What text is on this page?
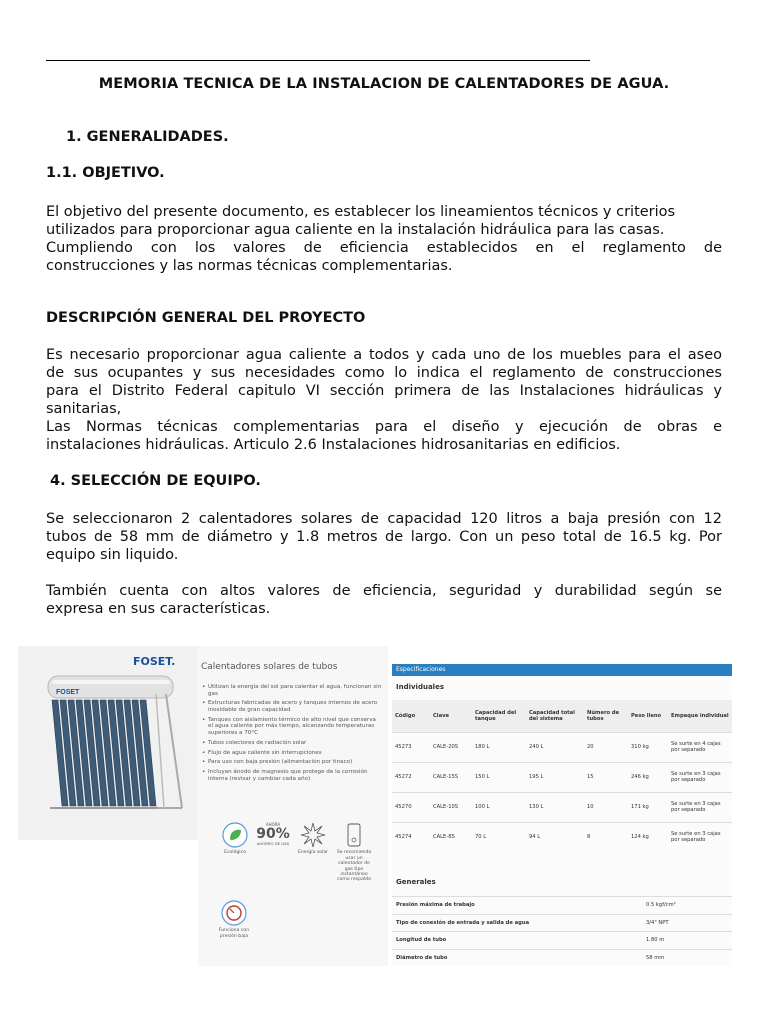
MEMORIA TECNICA DE LA INSTALACION DE CALENTADORES DE AGUA.
1. GENERALIDADES.
1.1. OBJETIVO.
El objetivo del presente documento, es establecer los lineamientos técnicos y criterios
utilizados para proporcionar agua caliente en la instalación hidráulica para las casas.
Cumpliendo con los valores de eficiencia establecidos en el reglamento de
construcciones y las normas técnicas complementarias.
DESCRIPCIÓN GENERAL DEL PROYECTO
Es necesario proporcionar agua caliente a todos y cada uno de los muebles para el aseo
de sus ocupantes y sus necesidades como lo indica el reglamento de construcciones
para el Distrito Federal capitulo VI sección primera de las Instalaciones hidráulicas y
sanitarias,
Las Normas técnicas complementarias para el diseño y ejecución de obras e
instalaciones hidráulicas. Articulo 2.6 Instalaciones hidrosanitarias en edificios.
4. SELECCIÓN DE EQUIPO.
Se seleccionaron 2 calentadores solares de capacidad 120 litros a baja presión con 12
tubos de 58 mm de diámetro y 1.8 metros de largo. Con un peso total de 16.5 kg. Por
equipo sin liquido.
También cuenta con altos valores de eficiencia, seguridad y durabilidad según se
expresa en sus características.
FOSET.
FOSET
Calentadores solares de tubos
• Utilizan la energía del sol para calentar el agua, funcionan sin gas
• Estructuras fabricadas de acero y tanques internos de acero inoxidable de gran capacidad
• Tanques con aislamiento térmico de alto nivel que conserva el agua caliente por más tiempo, alcanzando temperaturas superiores a 70°C
• Tubos colectores de radiación solar
• Flujo de agua caliente sin interrupciones
• Para uso con baja presión (alimentación por tinaco)
• Incluyan ánodo de magnesio que protege de la corrosión interna (revisar y cambiar cada año)
Ecológico
AHORA
90%
AHORRO DE GAS
Energía solar	Se recomienda usar un calentador de gas tipo instantáneo como respaldo
Funciona con presión baja
Especificaciones
Individuales
Código	Clave	Capacidad del tanque	Capacidad total del sistema	Número de tubos	Peso lleno	Empaque individual
45273	CALE-20S	180 L	240 L	20	310 kg	Se surte en 4 cajas por separado
45272	CALE-15S	150 L	195 L	15	246 kg	Se surte en 3 cajas por separado
45270	CALE-10S	100 L	130 L	10	171 kg	Se surte en 3 cajas por separado
45274	CALE-8S	70 L	94 L	8	124 kg	Se surte en 3 cajas por separado
Generales
Presión máxima de trabajo	0.5 kgf/cm²
Tipo de conexión de entrada y salida de agua	3/4" NPT
Longitud de tubo	1.80 m
Diámetro de tubo	58 mm
